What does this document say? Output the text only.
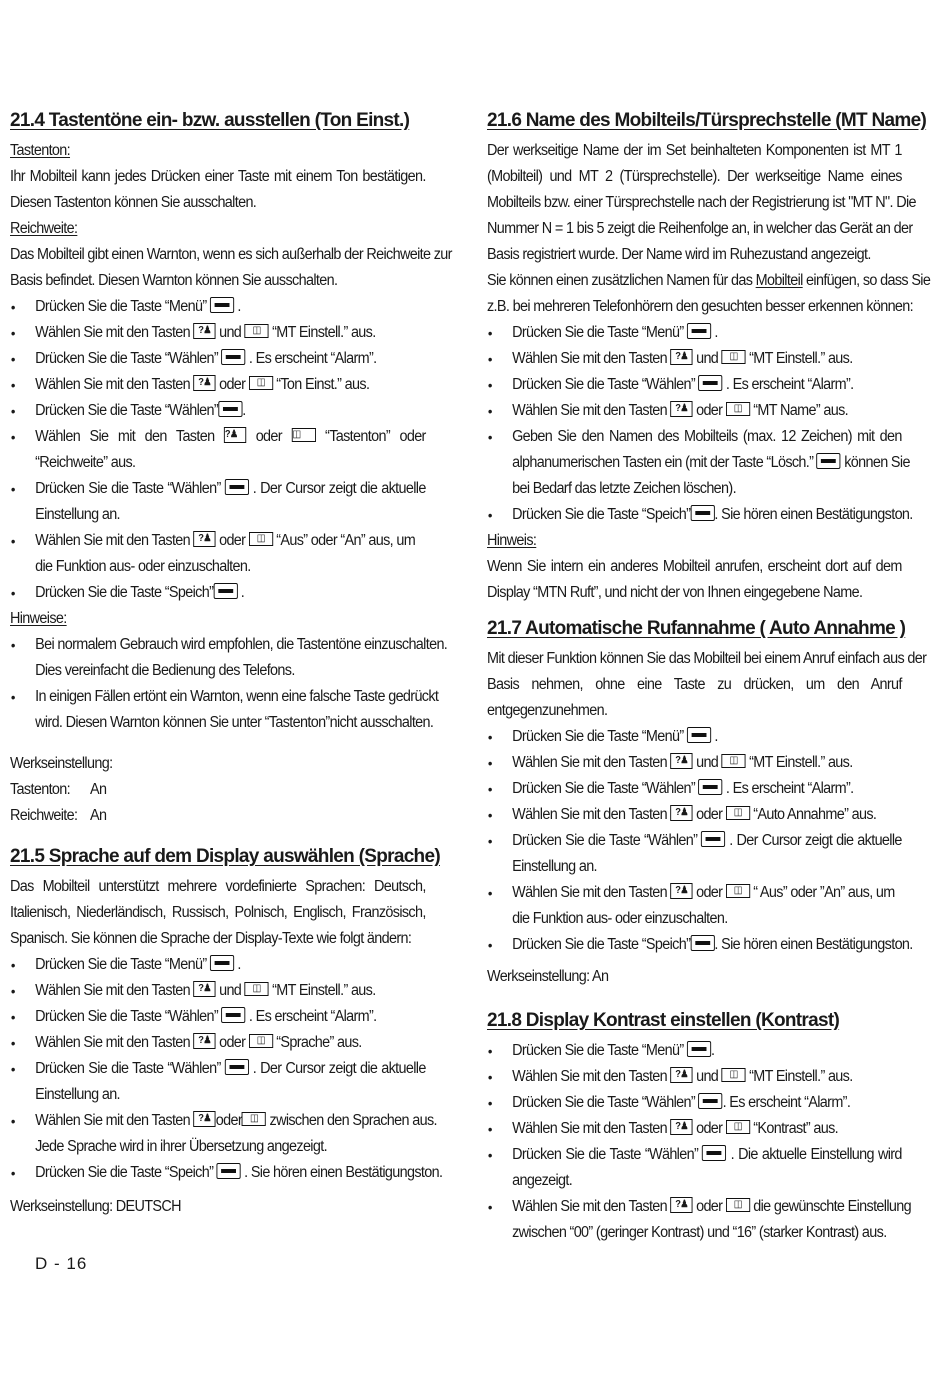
21.4 Tastentöne ein- bzw. ausstellen (Ton Einst.)
Tastenton:
Ihr Mobilteil kann jedes Drücken einer Taste mit einem Ton bestätigen.
Diesen Tastenton können Sie ausschalten.
Reichweite:
Das Mobilteil gibt einen Warnton, wenn es sich außerhalb der Reichweite zur
Basis befindet. Diesen Warnton können Sie ausschalten.
• Drücken Sie die Taste “Menü”  .
• Wählen Sie mit den Tasten ?♟ und ◫ “MT Einstell.” aus.
• Drücken Sie die Taste “Wählen” . Es erscheint “Alarm”.
• Wählen Sie mit den Tasten ?♟ oder ◫ “Ton Einst.” aus.
• Drücken Sie die Taste “Wählen” .
• Wählen Sie mit den Tasten ?♟ oder ◫ “Tastenton” oder
“Reichweite” aus.
• Drücken Sie die Taste “Wählen” . Der Cursor zeigt die aktuelle
Einstellung an.
• Wählen Sie mit den Tasten ?♟ oder ◫ “Aus” oder “An” aus, um
die Funktion aus- oder einzuschalten.
• Drücken Sie die Taste “Speich” .
Hinweise:
• Bei normalem Gebrauch wird empfohlen, die Tastentöne einzuschalten.
Dies vereinfacht die Bedienung des Telefons.
• In einigen Fällen ertönt ein Warnton, wenn eine falsche Taste gedrückt
wird. Diesen Warnton können Sie unter “Tastenton”nicht ausschalten.
Werkseinstellung:
Tastenton:	An
Reichweite: An
21.5 Sprache auf dem Display auswählen (Sprache)
Das Mobilteil unterstützt mehrere vordefinierte Sprachen: Deutsch,
Italienisch, Niederländisch, Russisch, Polnisch, Englisch, Französisch,
Spanisch. Sie können die Sprache der Display-Texte wie folgt ändern:
• Drücken Sie die Taste “Menü”  .
• Wählen Sie mit den Tasten ?♟ und ◫ “MT Einstell.” aus.
• Drücken Sie die Taste “Wählen” . Es erscheint “Alarm”.
• Wählen Sie mit den Tasten ?♟ oder ◫ “Sprache” aus.
• Drücken Sie die Taste “Wählen” . Der Cursor zeigt die aktuelle
Einstellung an.
• Wählen Sie mit den Tasten ?♟ oder ◫ zwischen den Sprachen aus.
Jede Sprache wird in ihrer Übersetzung angezeigt.
• Drücken Sie die Taste “Speich” . Sie hören einen Bestätigungston.
Werkseinstellung: DEUTSCH
21.6 Name des Mobilteils/Türsprechstelle (MT Name)
Der werkseitige Name der im Set beinhalteten Komponenten ist MT 1
(Mobilteil) und MT 2 (Türsprechstelle). Der werkseitige Name eines
Mobilteils bzw. einer Türsprechstelle nach der Registrierung ist "MT N". Die
Nummer N = 1 bis 5 zeigt die Reihenfolge an, in welcher das Gerät an der
Basis registriert wurde. Der Name wird im Ruhezustand angezeigt.
Sie können einen zusätzlichen Namen für das Mobilteil einfügen, so dass Sie
z.B. bei mehreren Telefonhörern den gesuchten besser erkennen können:
• Drücken Sie die Taste “Menü”  .
• Wählen Sie mit den Tasten ?♟ und ◫ “MT Einstell.” aus.
• Drücken Sie die Taste “Wählen” . Es erscheint “Alarm”.
• Wählen Sie mit den Tasten ?♟ oder ◫ “MT Name” aus.
• Geben Sie den Namen des Mobilteils (max. 12 Zeichen) mit den
alphanumerischen Tasten ein (mit der Taste “Lösch.” können Sie
bei Bedarf das letzte Zeichen löschen).
• Drücken Sie die Taste “Speich” . Sie hören einen Bestätigungston.
Hinweis:
Wenn Sie intern ein anderes Mobilteil anrufen, erscheint dort auf dem
Display “MTN Ruft”, und nicht der von Ihnen eingegebene Name.
21.7 Automatische Rufannahme ( Auto Annahme )
Mit dieser Funktion können Sie das Mobilteil bei einem Anruf einfach aus der
Basis nehmen, ohne eine Taste zu drücken, um den Anruf
entgegenzunehmen.
• Drücken Sie die Taste “Menü”  .
• Wählen Sie mit den Tasten ?♟ und ◫ “MT Einstell.” aus.
• Drücken Sie die Taste “Wählen” . Es erscheint “Alarm”.
• Wählen Sie mit den Tasten ?♟ oder ◫ “Auto Annahme” aus.
• Drücken Sie die Taste “Wählen” . Der Cursor zeigt die aktuelle
Einstellung an.
• Wählen Sie mit den Tasten ?♟ oder ◫ “ Aus” oder ”An” aus, um
die Funktion aus- oder einzuschalten.
• Drücken Sie die Taste “Speich” . Sie hören einen Bestätigungston.
Werkseinstellung: An
21.8 Display Kontrast einstellen (Kontrast)
• Drücken Sie die Taste “Menü” .
• Wählen Sie mit den Tasten ?♟ und ◫ “MT Einstell.” aus.
• Drücken Sie die Taste “Wählen” . Es erscheint “Alarm”.
• Wählen Sie mit den Tasten ?♟ oder ◫ “Kontrast” aus.
• Drücken Sie die Taste “Wählen” . Die aktuelle Einstellung wird
angezeigt.
• Wählen Sie mit den Tasten ?♟ oder ◫ die gewünschte Einstellung
zwischen “00” (geringer Kontrast) und “16” (starker Kontrast) aus.
D - 16
